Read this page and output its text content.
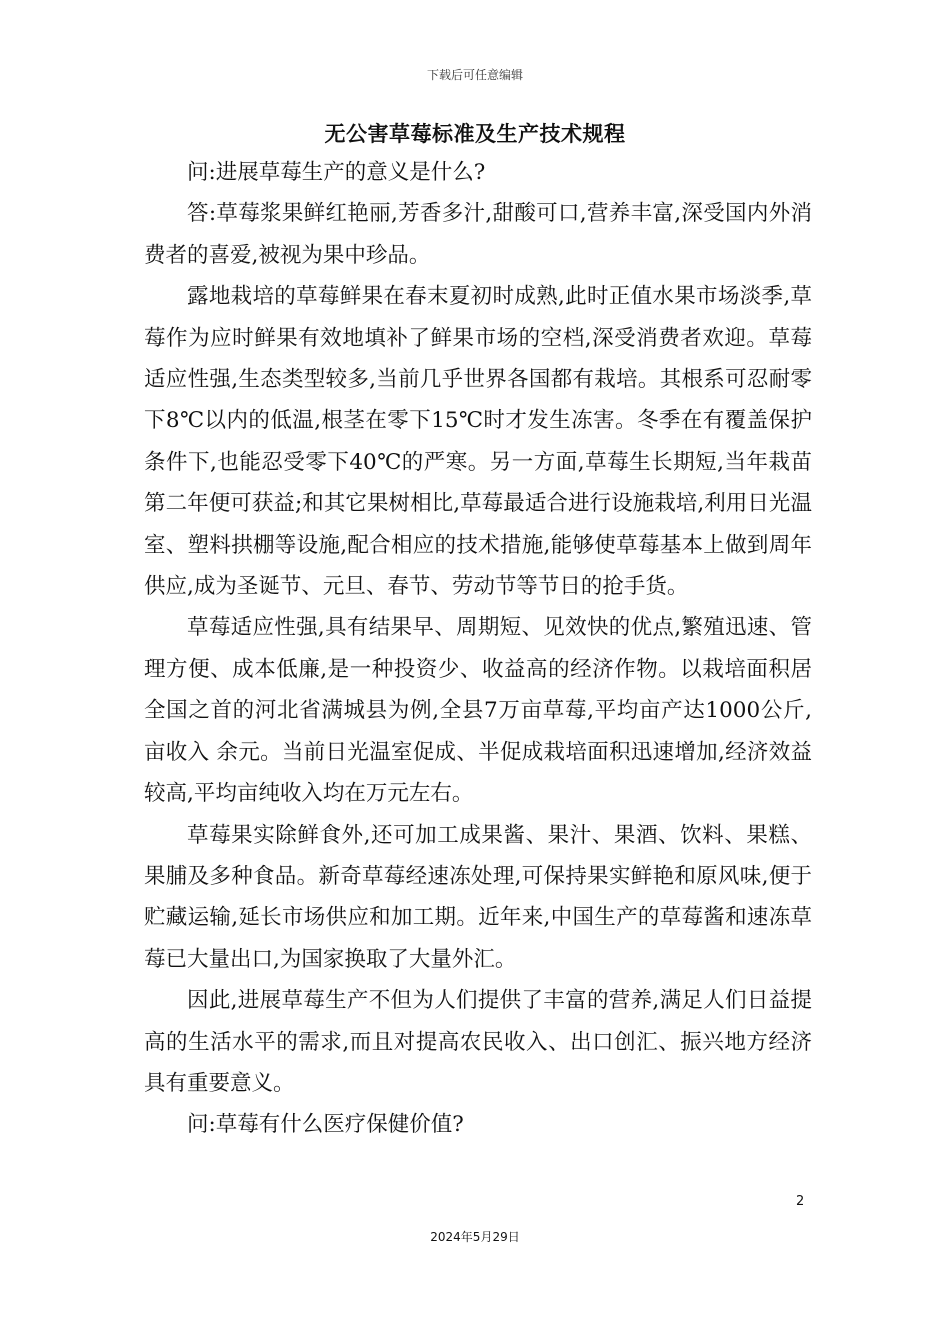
下载后可任意编辑
无公害草莓标准及生产技术规程

问:进展草莓生产的意义是什么?

答:草莓浆果鲜红艳丽,芳香多汁,甜酸可口,营养丰富,深受国内外消费者的喜爱,被视为果中珍品。

露地栽培的草莓鲜果在春末夏初时成熟,此时正值水果市场淡季,草莓作为应时鲜果有效地填补了鲜果市场的空档,深受消费者欢迎。草莓适应性强,生态类型较多,当前几乎世界各国都有栽培。其根系可忍耐零下8℃以内的低温,根茎在零下15℃时才发生冻害。冬季在有覆盖保护条件下,也能忍受零下40℃的严寒。另一方面,草莓生长期短,当年栽苗第二年便可获益;和其它果树相比,草莓最适合进行设施栽培,利用日光温室、塑料拱棚等设施,配合相应的技术措施,能够使草莓基本上做到周年供应,成为圣诞节、元旦、春节、劳动节等节日的抢手货。

草莓适应性强,具有结果早、周期短、见效快的优点,繁殖迅速、管理方便、成本低廉,是一种投资少、收益高的经济作物。以栽培面积居全国之首的河北省满城县为例,全县7万亩草莓,平均亩产达1000公斤,亩收入 余元。当前日光温室促成、半促成栽培面积迅速增加,经济效益较高,平均亩纯收入均在万元左右。

草莓果实除鲜食外,还可加工成果酱、果汁、果酒、饮料、果糕、果脯及多种食品。新奇草莓经速冻处理,可保持果实鲜艳和原风味,便于贮藏运输,延长市场供应和加工期。近年来,中国生产的草莓酱和速冻草莓已大量出口,为国家换取了大量外汇。

因此,进展草莓生产不但为人们提供了丰富的营养,满足人们日益提高的生活水平的需求,而且对提高农民收入、出口创汇、振兴地方经济具有重要意义。

问:草莓有什么医疗保健价值?

2
2024年5月29日
